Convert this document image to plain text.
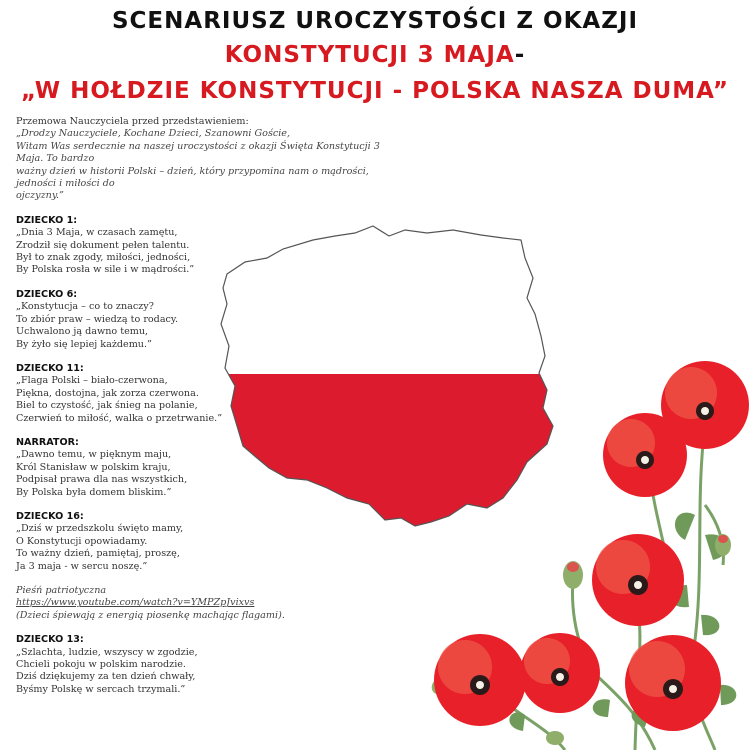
SCENARIUSZ UROCZYSTOŚCI Z OKAZJI
KONSTYTUCJI 3 MAJA-
„W HOŁDZIE KONSTYTUCJI - POLSKA NASZA DUMA”
Przemowa Nauczyciela przed przedstawieniem:
„Drodzy Nauczyciele, Kochane Dzieci, Szanowni Goście,
Witam Was serdecznie na naszej uroczystości z okazji Święta Konstytucji 3 Maja. To bardzo
ważny dzień w historii Polski – dzień, który przypomina nam o mądrości, jedności i miłości do
ojczyzny.”
DZIECKO 1:
„Dnia 3 Maja, w czasach zamętu,
Zrodził się dokument pełen talentu.
Był to znak zgody, miłości, jedności,
By Polska rosła w sile i w mądrości.”
DZIECKO 6:
„Konstytucja – co to znaczy?
To zbiór praw – wiedzą to rodacy.
Uchwalono ją dawno temu,
By żyło się lepiej każdemu.”
DZIECKO 11:
„Flaga Polski – biało-czerwona,
Piękna, dostojna, jak zorza czerwona.
Biel to czystość, jak śnieg na polanie,
Czerwień to miłość, walka o przetrwanie.”
NARRATOR:
„Dawno temu, w pięknym maju,
Król Stanisław w polskim kraju,
Podpisał prawa dla nas wszystkich,
By Polska była domem bliskim.”
DZIECKO 16:
„Dziś w przedszkolu święto mamy,
O Konstytucji opowiadamy.
To ważny dzień, pamiętaj, proszę,
Ja 3 maja - w sercu noszę.”
Pieśń patriotyczna
https://www.youtube.com/watch?v=YMPZpJvixvs
(Dzieci śpiewają z energią piosenkę machając flagami).
DZIECKO 13:
„Szlachta, ludzie, wszyscy w zgodzie,
Chcieli pokoju w polskim narodzie.
Dziś dziękujemy za ten dzień chwały,
Byśmy Polskę w sercach trzymali.”
